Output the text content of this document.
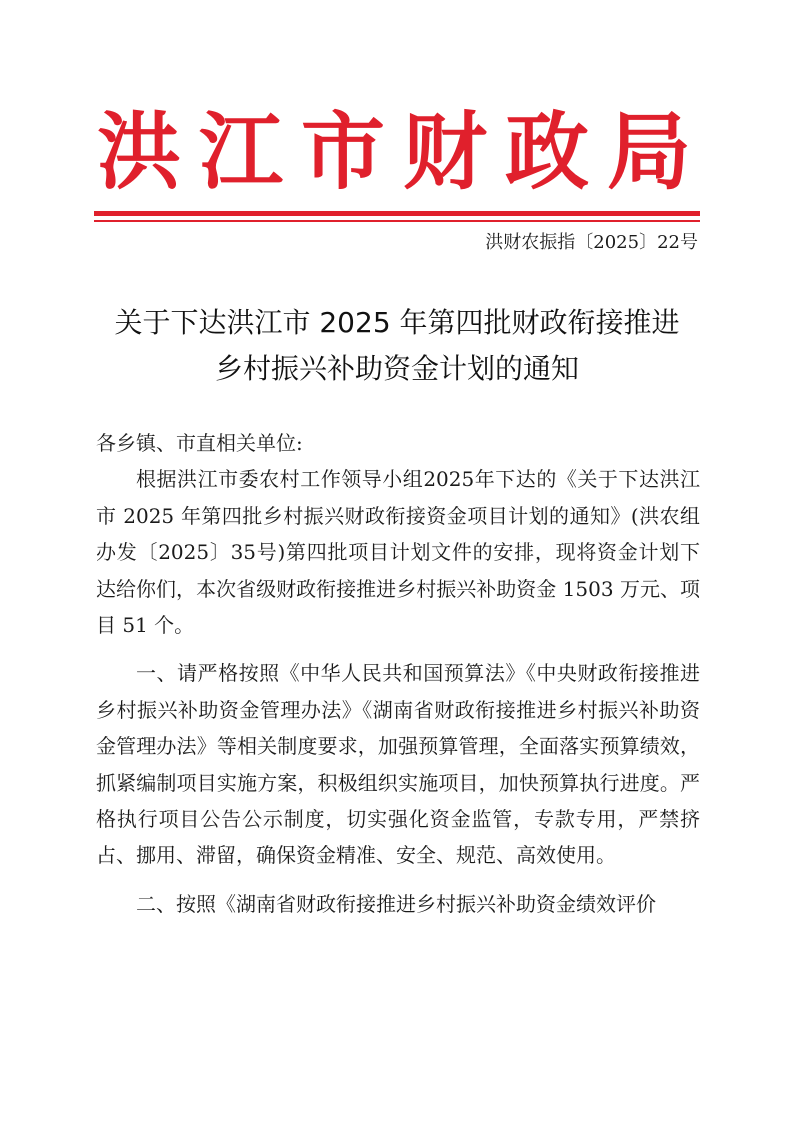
洪江市财政局
洪财农振指〔2025〕22号
关于下达洪江市 2025 年第四批财政衔接推进
乡村振兴补助资金计划的通知

各乡镇、市直相关单位:

根据洪江市委农村工作领导小组2025年下达的《关于下达洪江市 2025 年第四批乡村振兴财政衔接资金项目计划的通知》(洪农组办发〔2025〕35号)第四批项目计划文件的安排，现将资金计划下达给你们，本次省级财政衔接推进乡村振兴补助资金 1503 万元、项目 51 个。

一、请严格按照《中华人民共和国预算法》《中央财政衔接推进乡村振兴补助资金管理办法》《湖南省财政衔接推进乡村振兴补助资金管理办法》等相关制度要求，加强预算管理，全面落实预算绩效，抓紧编制项目实施方案，积极组织实施项目，加快预算执行进度。严格执行项目公告公示制度，切实强化资金监管，专款专用，严禁挤占、挪用、滞留，确保资金精准、安全、规范、高效使用。

二、按照《湖南省财政衔接推进乡村振兴补助资金绩效评价
